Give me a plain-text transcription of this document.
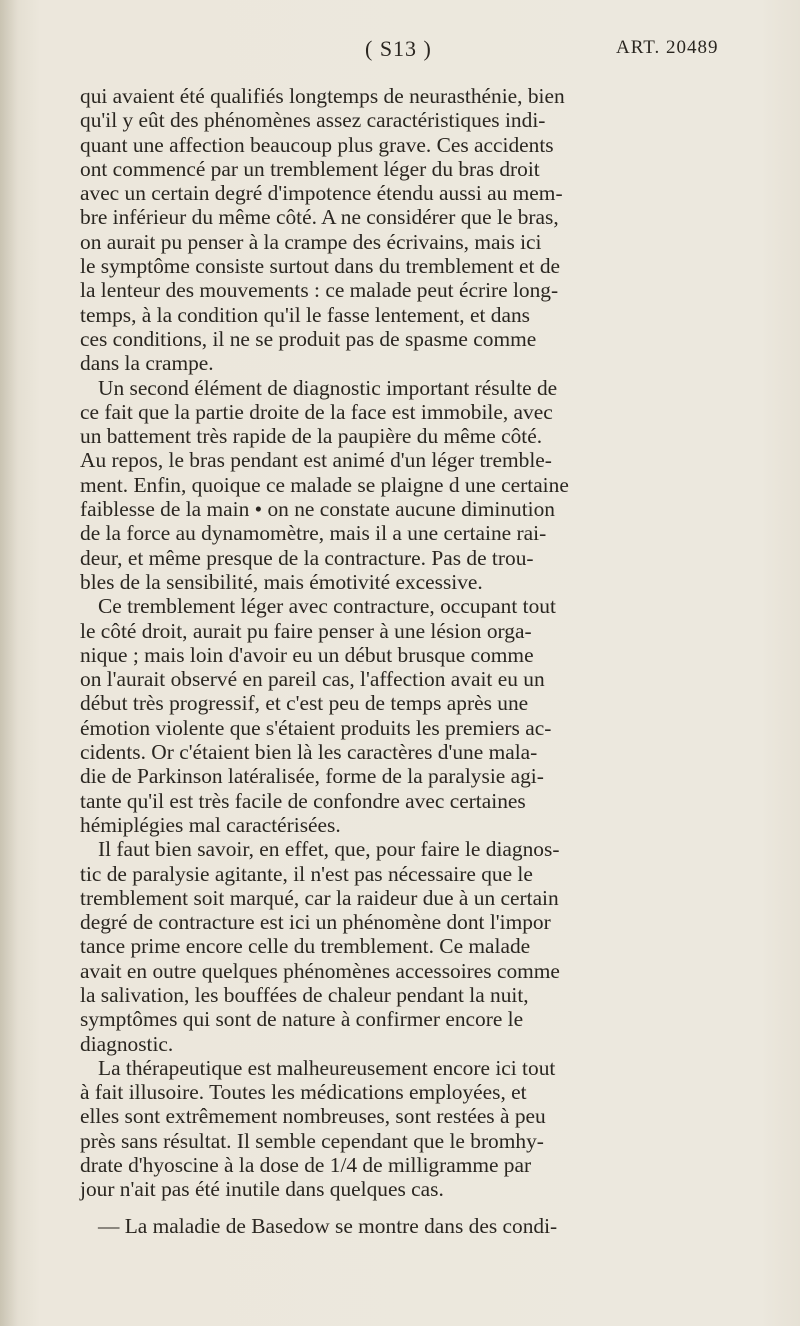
( S13 )	ART. 20489
qui avaient été qualifiés longtemps de neurasthénie, bien
qu'il y eût des phénomènes assez caractéristiques indi-
quant une affection beaucoup plus grave. Ces accidents
ont commencé par un tremblement léger du bras droit
avec un certain degré d'impotence étendu aussi au mem-
bre inférieur du même côté. A ne considérer que le bras,
on aurait pu penser à la crampe des écrivains, mais ici
le symptôme consiste surtout dans du tremblement et de
la lenteur des mouvements : ce malade peut écrire long-
temps, à la condition qu'il le fasse lentement, et dans
ces conditions, il ne se produit pas de spasme comme
dans la crampe.
Un second élément de diagnostic important résulte de
ce fait que la partie droite de la face est immobile, avec
un battement très rapide de la paupière du même côté.
Au repos, le bras pendant est animé d'un léger tremble-
ment. Enfin, quoique ce malade se plaigne d une certaine
faiblesse de la main • on ne constate aucune diminution
de la force au dynamomètre, mais il a une certaine rai-
deur, et même presque de la contracture. Pas de trou-
bles de la sensibilité, mais émotivité excessive.
Ce tremblement léger avec contracture, occupant tout
le côté droit, aurait pu faire penser à une lésion orga-
nique ; mais loin d'avoir eu un début brusque comme
on l'aurait observé en pareil cas, l'affection avait eu un
début très progressif, et c'est peu de temps après une
émotion violente que s'étaient produits les premiers ac-
cidents. Or c'étaient bien là les caractères d'une mala-
die de Parkinson latéralisée, forme de la paralysie agi-
tante qu'il est très facile de confondre avec certaines
hémiplégies mal caractérisées.
Il faut bien savoir, en effet, que, pour faire le diagnos-
tic de paralysie agitante, il n'est pas nécessaire que le
tremblement soit marqué, car la raideur due à un certain
degré de contracture est ici un phénomène dont l'impor
tance prime encore celle du tremblement. Ce malade
avait en outre quelques phénomènes accessoires comme
la salivation, les bouffées de chaleur pendant la nuit,
symptômes qui sont de nature à confirmer encore le
diagnostic.
La thérapeutique est malheureusement encore ici tout
à fait illusoire. Toutes les médications employées, et
elles sont extrêmement nombreuses, sont restées à peu
près sans résultat. Il semble cependant que le bromhy-
drate d'hyoscine à la dose de 1/4 de milligramme par
jour n'ait pas été inutile dans quelques cas.
— La maladie de Basedow se montre dans des condi-
